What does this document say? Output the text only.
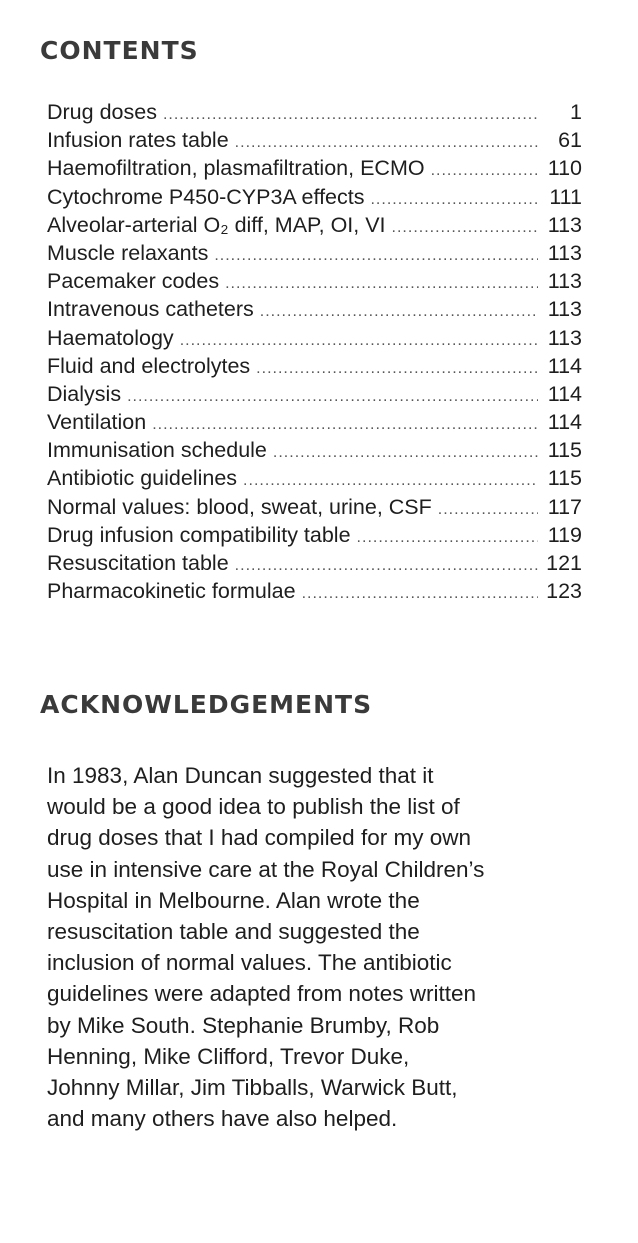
CONTENTS
Drug doses .....	1
Infusion rates table .....	61
Haemofiltration, plasmafiltration, ECMO .....	110
Cytochrome P450-CYP3A effects .....	111
Alveolar-arterial O₂ diff, MAP, OI, VI .....	113
Muscle relaxants .....	113
Pacemaker codes .....	113
Intravenous catheters .....	113
Haematology .....	113
Fluid and electrolytes .....	114
Dialysis .....	114
Ventilation .....	114
Immunisation schedule .....	115
Antibiotic guidelines .....	115
Normal values: blood, sweat, urine, CSF .....	117
Drug infusion compatibility table .....	119
Resuscitation table .....	121
Pharmacokinetic formulae .....	123
ACKNOWLEDGEMENTS

In 1983, Alan Duncan suggested that it
would be a good idea to publish the list of
drug doses that I had compiled for my own
use in intensive care at the Royal Children’s
Hospital in Melbourne. Alan wrote the
resuscitation table and suggested the
inclusion of normal values. The antibiotic
guidelines were adapted from notes written
by Mike South. Stephanie Brumby, Rob
Henning, Mike Clifford, Trevor Duke,
Johnny Millar, Jim Tibballs, Warwick Butt,
and many others have also helped.
